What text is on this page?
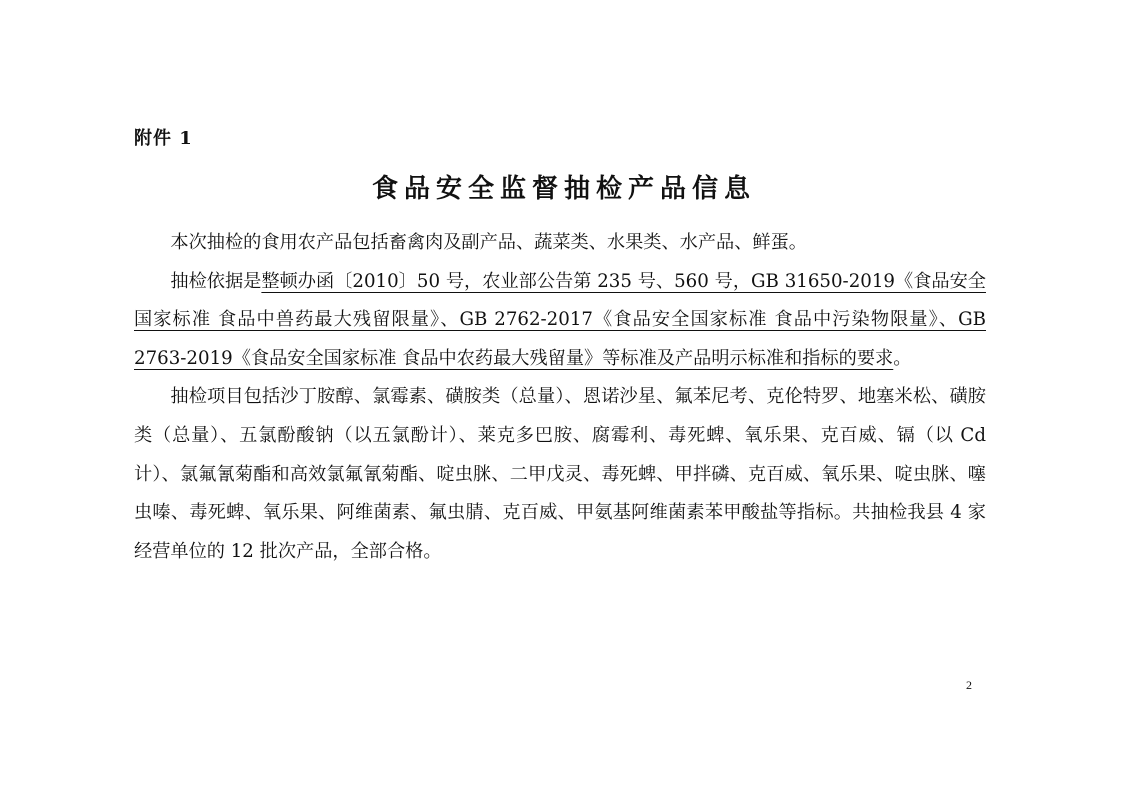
附件 1
食品安全监督抽检产品信息

本次抽检的食用农产品包括畜禽肉及副产品、蔬菜类、水果类、水产品、鲜蛋。

抽检依据是整顿办函〔2010〕50 号，农业部公告第 235 号、560 号，GB 31650-2019《食品安全国家标准 食品中兽药最大残留限量》、GB 2762-2017《食品安全国家标准 食品中污染物限量》、GB 2763-2019《食品安全国家标准 食品中农药最大残留量》等标准及产品明示标准和指标的要求。

抽检项目包括沙丁胺醇、氯霉素、磺胺类（总量）、恩诺沙星、氟苯尼考、克伦特罗、地塞米松、磺胺类（总量）、五氯酚酸钠（以五氯酚计）、莱克多巴胺、腐霉利、毒死蜱、氧乐果、克百威、镉（以 Cd 计）、氯氟氰菊酯和高效氯氟氰菊酯、啶虫脒、二甲戊灵、毒死蜱、甲拌磷、克百威、氧乐果、啶虫脒、噻虫嗪、毒死蜱、氧乐果、阿维菌素、氟虫腈、克百威、甲氨基阿维菌素苯甲酸盐等指标。共抽检我县 4 家经营单位的 12 批次产品，全部合格。

2
